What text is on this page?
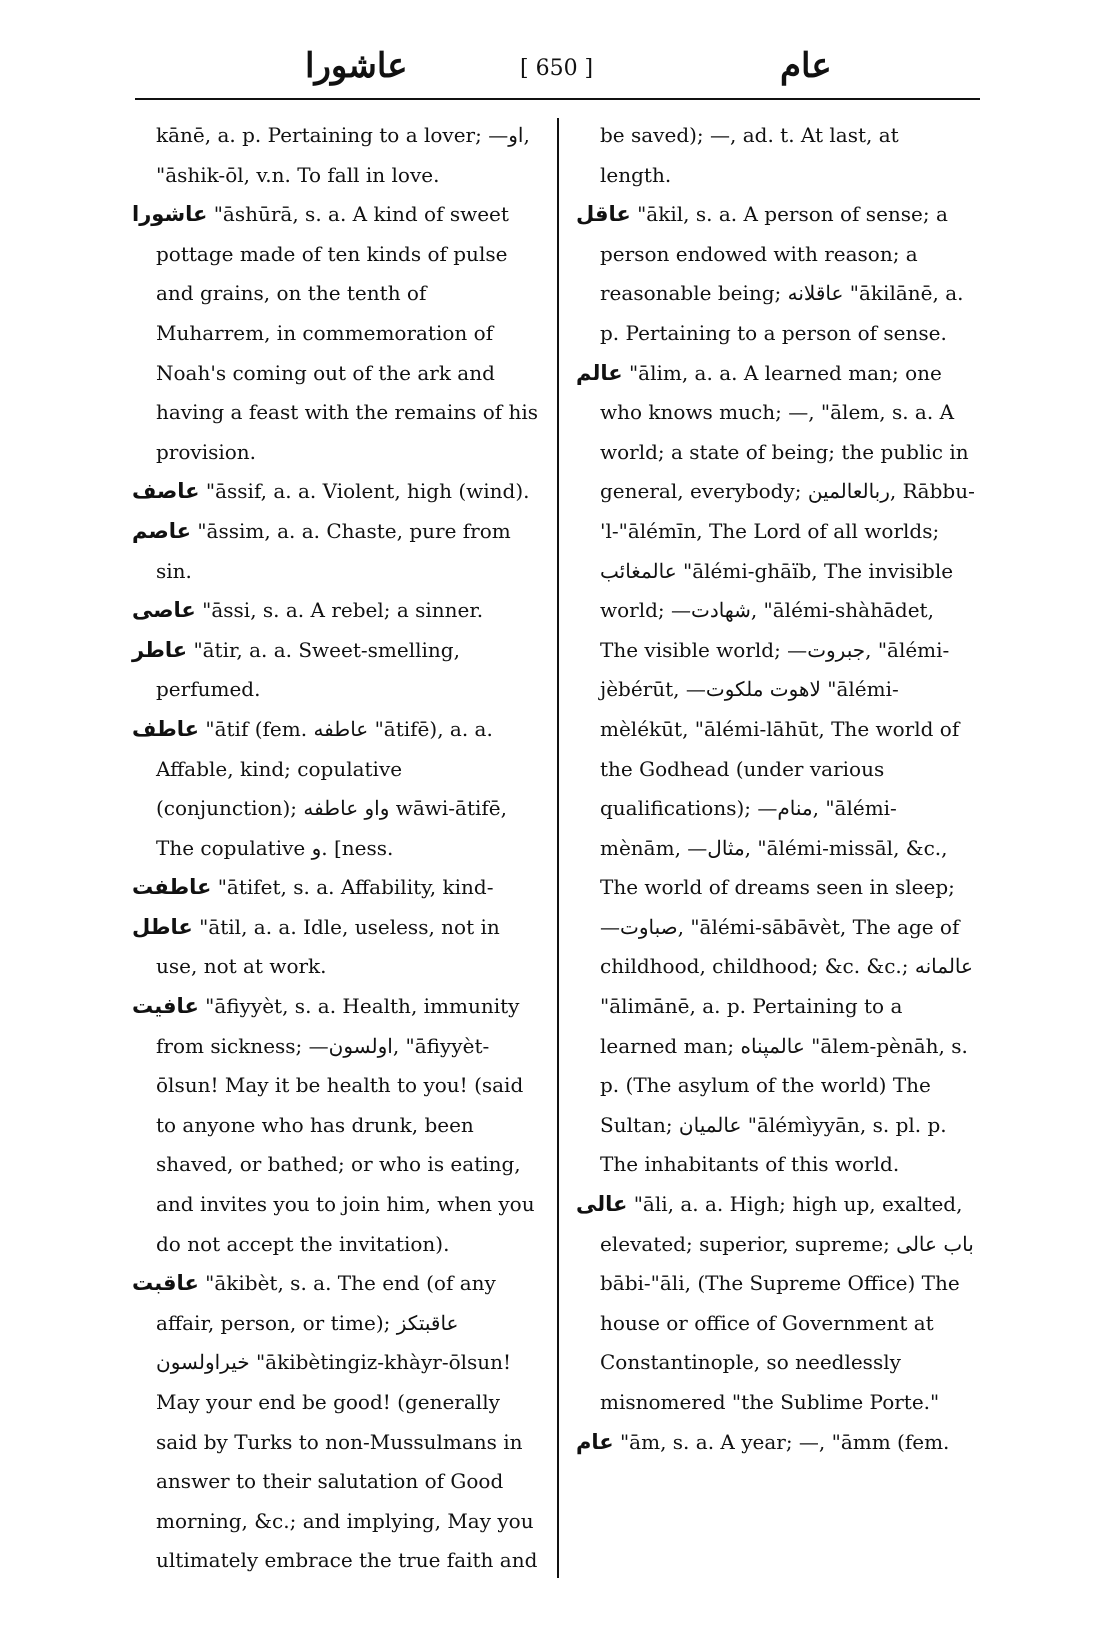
عاشورا	[ 650 ]	عام

kānē, a. p. Pertaining to a lover; —او, "āshik-ōl, v.n. To fall in love.

عاشورا "āshūrā, s. a. A kind of sweet pottage made of ten kinds of pulse and grains, on the tenth of Muharrem, in commemoration of Noah's coming out of the ark and having a feast with the remains of his provision.

عاصف "āssif, a. a. Violent, high (wind).

عاصم "āssim, a. a. Chaste, pure from sin.

عاصى "āssi, s. a. A rebel; a sinner.

عاطر "ātir, a. a. Sweet-smelling, perfumed.

عاطف "ātif (fem. عاطفه "ātifē), a. a. Affable, kind; copulative (conjunction); واو عاطفه wāwi-ātifē, The copulative و. [ness.

عاطفت "ātifet, s. a. Affability, kind-

عاطل "ātil, a. a. Idle, useless, not in use, not at work.

عافيت "āfiyyèt, s. a. Health, immunity from sickness; —اولسون, "āfiyyèt-ōlsun! May it be health to you! (said to anyone who has drunk, been shaved, or bathed; or who is eating, and invites you to join him, when you do not accept the invitation).

عاقبت "ākibèt, s. a. The end (of any affair, person, or time); عاقبتكز خيراولسون "ākibètingiz-khàyr-ōlsun! May your end be good! (generally said by Turks to non-Mussulmans in answer to their salutation of Good morning, &c.; and implying, May you ultimately embrace the true faith and

be saved); —, ad. t. At last, at length.

عاقل "ākil, s. a. A person of sense; a person endowed with reason; a reasonable being; عاقلانه "ākilānē, a. p. Pertaining to a person of sense.

عالم "ālim, a. a. A learned man; one who knows much; —, "ālem, s. a. A world; a state of being; the public in general, everybody; ربالعالمين, Rābbu-'l-"ālémīn, The Lord of all worlds; عالمغائب "ālémi-ghāïb, The invisible world; —شهادت, "ālémi-shàhādet, The visible world; —جبروت, "ālémi-jèbérūt, —لاهوت ملكوت "ālémi-mèlékūt, "ālémi-lāhūt, The world of the Godhead (under various qualifications); —منام, "ālémi-mènām, —مثال, "ālémi-missāl, &c., The world of dreams seen in sleep; —صباوت, "ālémi-sābāvèt, The age of childhood, childhood; &c. &c.; عالمانه "ālimānē, a. p. Pertaining to a learned man; عالمپناه "ālem-pènāh, s. p. (The asylum of the world) The Sultan; عالميان "ālémìyyān, s. pl. p. The inhabitants of this world.

عالى "āli, a. a. High; high up, exalted, elevated; superior, supreme; باب عالى bābi-"āli, (The Supreme Office) The house or office of Government at Constantinople, so needlessly misnomered "the Sublime Porte."

عام "ām, s. a. A year; —, "āmm (fem.
